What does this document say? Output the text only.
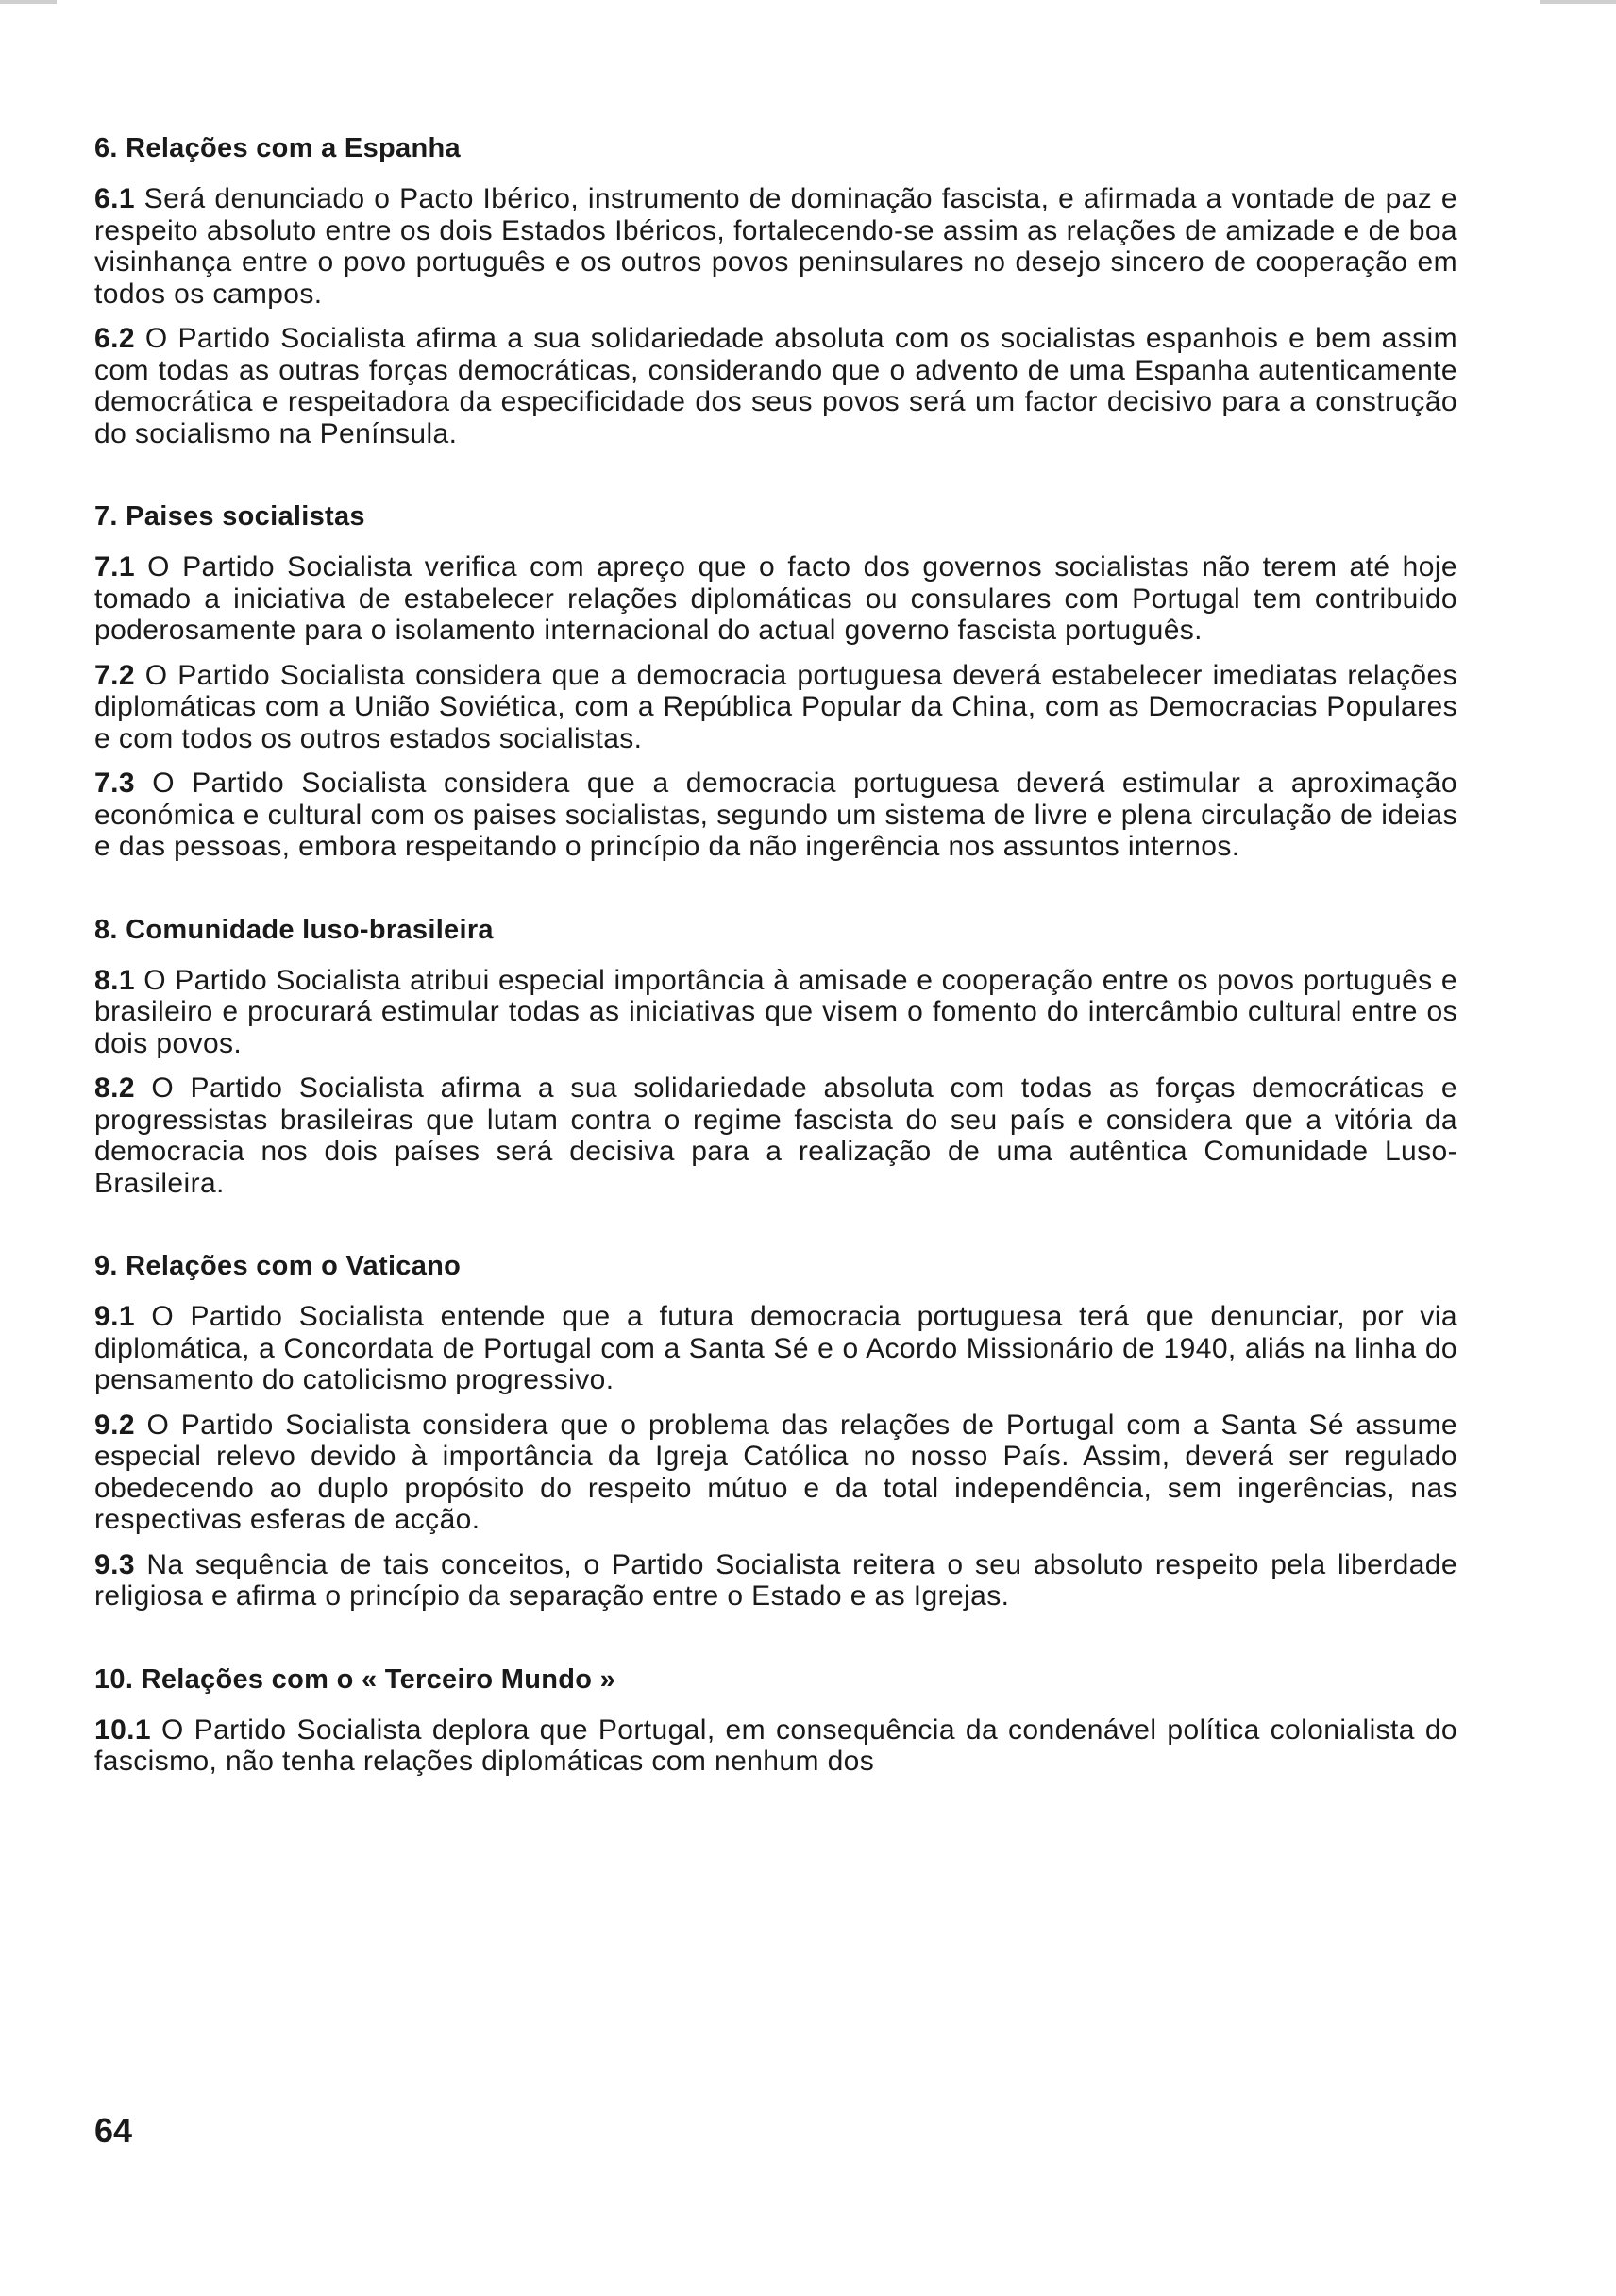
6. Relações com a Espanha

6.1 Será denunciado o Pacto Ibérico, instrumento de dominação fascista, e afirmada a vontade de paz e respeito absoluto entre os dois Estados Ibéricos, fortalecendo-se assim as relações de amizade e de boa visinhança entre o povo português e os outros povos peninsulares no desejo sincero de cooperação em todos os campos.

6.2 O Partido Socialista afirma a sua solidariedade absoluta com os socialistas espanhois e bem assim com todas as outras forças democráticas, considerando que o advento de uma Espanha autenticamente democrática e respeitadora da especificidade dos seus povos será um factor decisivo para a construção do socialismo na Península.

7. Paises socialistas

7.1 O Partido Socialista verifica com apreço que o facto dos governos socialistas não terem até hoje tomado a iniciativa de estabelecer relações diplomáticas ou consulares com Portugal tem contribuido poderosamente para o isolamento internacional do actual governo fascista português.

7.2 O Partido Socialista considera que a democracia portuguesa deverá estabelecer imediatas relações diplomáticas com a União Soviética, com a República Popular da China, com as Democracias Populares e com todos os outros estados socialistas.

7.3 O Partido Socialista considera que a democracia portuguesa deverá estimular a aproximação económica e cultural com os paises socialistas, segundo um sistema de livre e plena circulação de ideias e das pessoas, embora respeitando o princípio da não ingerência nos assuntos internos.

8. Comunidade luso-brasileira

8.1 O Partido Socialista atribui especial importância à amisade e cooperação entre os povos português e brasileiro e procurará estimular todas as iniciativas que visem o fomento do intercâmbio cultural entre os dois povos.

8.2 O Partido Socialista afirma a sua solidariedade absoluta com todas as forças democráticas e progressistas brasileiras que lutam contra o regime fascista do seu país e considera que a vitória da democracia nos dois países será decisiva para a realização de uma autêntica Comunidade Luso-Brasileira.

9. Relações com o Vaticano

9.1 O Partido Socialista entende que a futura democracia portuguesa terá que denunciar, por via diplomática, a Concordata de Portugal com a Santa Sé e o Acordo Missionário de 1940, aliás na linha do pensamento do catolicismo progressivo.

9.2 O Partido Socialista considera que o problema das relações de Portugal com a Santa Sé assume especial relevo devido à importância da Igreja Católica no nosso País. Assim, deverá ser regulado obedecendo ao duplo propósito do respeito mútuo e da total independência, sem ingerências, nas respectivas esferas de acção.

9.3 Na sequência de tais conceitos, o Partido Socialista reitera o seu absoluto respeito pela liberdade religiosa e afirma o princípio da separação entre o Estado e as Igrejas.

10. Relações com o « Terceiro Mundo »

10.1 O Partido Socialista deplora que Portugal, em consequência da condenável política colonialista do fascismo, não tenha relações diplomáticas com nenhum dos

64
